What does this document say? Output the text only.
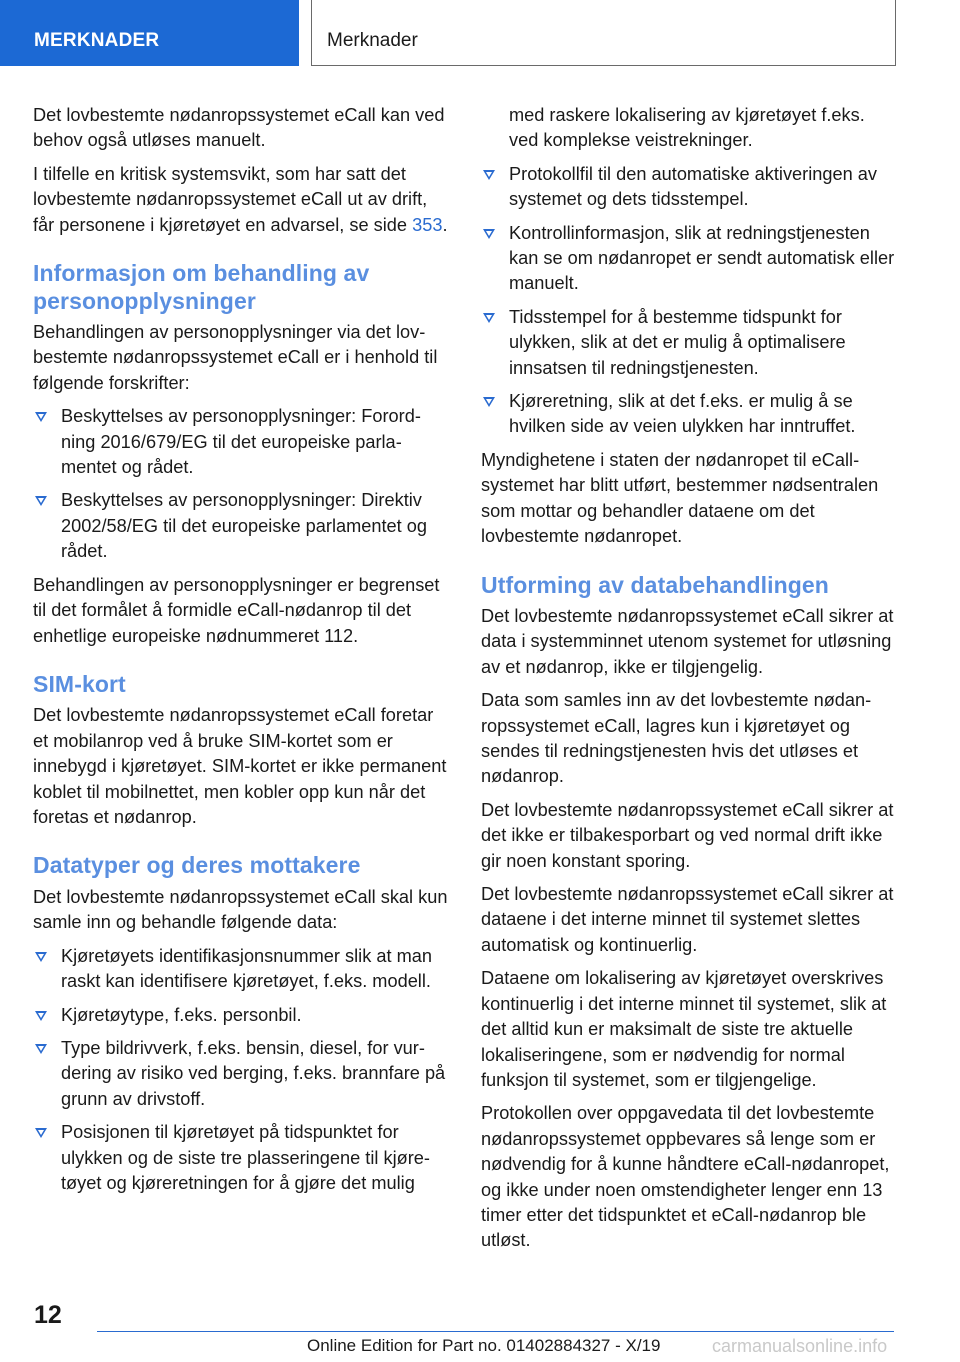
MERKNADER	Merknader

Det lovbestemte nødanropssystemet eCall kan ved behov også utløses manuelt.

I tilfelle en kritisk systemsvikt, som har satt det lovbestemte nødanropssystemet eCall ut av drift, får personene i kjøretøyet en advarsel, se side 353.

Informasjon om behandling av personopplysninger

Behandlingen av personopplysninger via det lovbestemte nødanropssystemet eCall er i henhold til følgende forskrifter:

Beskyttelses av personopplysninger: Forordning 2016/679/EG til det europeiske parlamentet og rådet.
Beskyttelses av personopplysninger: Direktiv 2002/58/EG til det europeiske parlamentet og rådet.

Behandlingen av personopplysninger er begrenset til det formålet å formidle eCall-nødanrop til det enhetlige europeiske nødnummeret 112.

SIM-kort

Det lovbestemte nødanropssystemet eCall foretar et mobilanrop ved å bruke SIM-kortet som er innebygd i kjøretøyet. SIM-kortet er ikke permanent koblet til mobilnettet, men kobler opp kun når det foretas et nødanrop.

Datatyper og deres mottakere

Det lovbestemte nødanropssystemet eCall skal kun samle inn og behandle følgende data:

Kjøretøyets identifikasjonsnummer slik at man raskt kan identifisere kjøretøyet, f.eks. modell.
Kjøretøytype, f.eks. personbil.
Type bildrivverk, f.eks. bensin, diesel, for vurdering av risiko ved berging, f.eks. brannfare på grunn av drivstoff.
Posisjonen til kjøretøyet på tidspunktet for ulykken og de siste tre plasseringene til kjøretøyet og kjøreretningen for å gjøre det mulig

med raskere lokalisering av kjøretøyet f.eks. ved komplekse veistrekninger.

Protokollfil til den automatiske aktiveringen av systemet og dets tidsstempel.
Kontrollinformasjon, slik at redningstjenesten kan se om nødanropet er sendt automatisk eller manuelt.
Tidsstempel for å bestemme tidspunkt for ulykken, slik at det er mulig å optimalisere innsatsen til redningstjenesten.
Kjøreretning, slik at det f.eks. er mulig å se hvilken side av veien ulykken har inntruffet.

Myndighetene i staten der nødanropet til eCallsystemet har blitt utført, bestemmer nødsentralen som mottar og behandler dataene om det lovbestemte nødanropet.

Utforming av databehandlingen

Det lovbestemte nødanropssystemet eCall sikrer at data i systemminnet utenom systemet for utløsning av et nødanrop, ikke er tilgjengelig.

Data som samles inn av det lovbestemte nødanropssystemet eCall, lagres kun i kjøretøyet og sendes til redningstjenesten hvis det utløses et nødanrop.

Det lovbestemte nødanropssystemet eCall sikrer at det ikke er tilbakesporbart og ved normal drift ikke gir noen konstant sporing.

Det lovbestemte nødanropssystemet eCall sikrer at dataene i det interne minnet til systemet slettes automatisk og kontinuerlig.

Dataene om lokalisering av kjøretøyet overskrives kontinuerlig i det interne minnet til systemet, slik at det alltid kun er maksimalt de siste tre aktuelle lokaliseringene, som er nødvendig for normal funksjon til systemet, som er tilgjengelige.

Protokollen over oppgavedata til det lovbestemte nødanropssystemet oppbevares så lenge som er nødvendig for å kunne håndtere eCall-nødanropet, og ikke under noen omstendigheter lenger enn 13 timer etter det tidspunktet et eCall-nødanrop ble utløst.

12
Online Edition for Part no. 01402884327 - X/19	carmanualsonline.info
